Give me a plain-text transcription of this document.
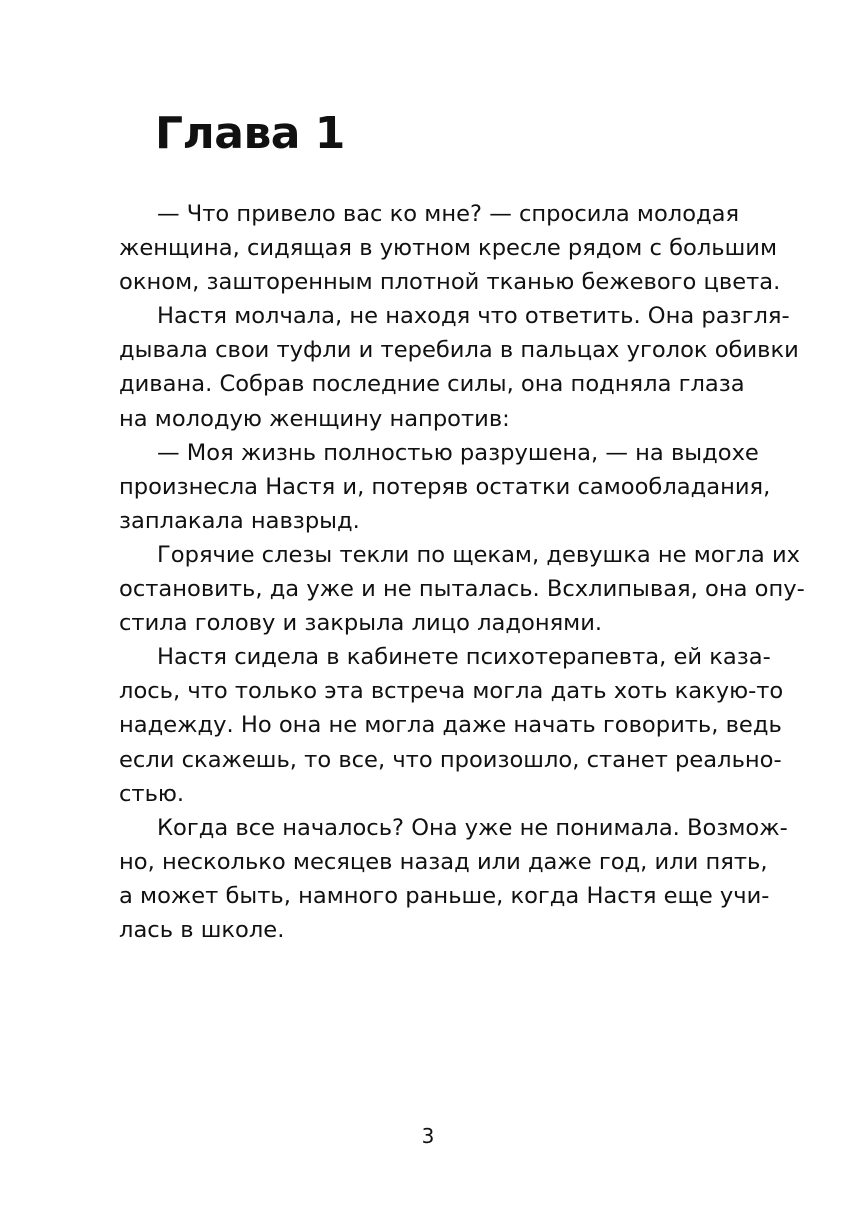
Глава 1
— Что привело вас ко мне? — спросила молодая
женщина, сидящая в уютном кресле рядом с большим
окном, зашторенным плотной тканью бежевого цвета.
Настя молчала, не находя что ответить. Она разгля-
дывала свои туфли и теребила в пальцах уголок обивки
дивана. Собрав последние силы, она подняла глаза
на молодую женщину напротив:
— Моя жизнь полностью разрушена, — на выдохе
произнесла Настя и, потеряв остатки самообладания,
заплакала навзрыд.
Горячие слезы текли по щекам, девушка не могла их
остановить, да уже и не пыталась. Всхлипывая, она опу-
стила голову и закрыла лицо ладонями.
Настя сидела в кабинете психотерапевта, ей каза-
лось, что только эта встреча могла дать хоть какую-то
надежду. Но она не могла даже начать говорить, ведь
если скажешь, то все, что произошло, станет реально-
стью.
Когда все началось? Она уже не понимала. Возмож-
но, несколько месяцев назад или даже год, или пять,
а может быть, намного раньше, когда Настя еще учи-
лась в школе.
3
